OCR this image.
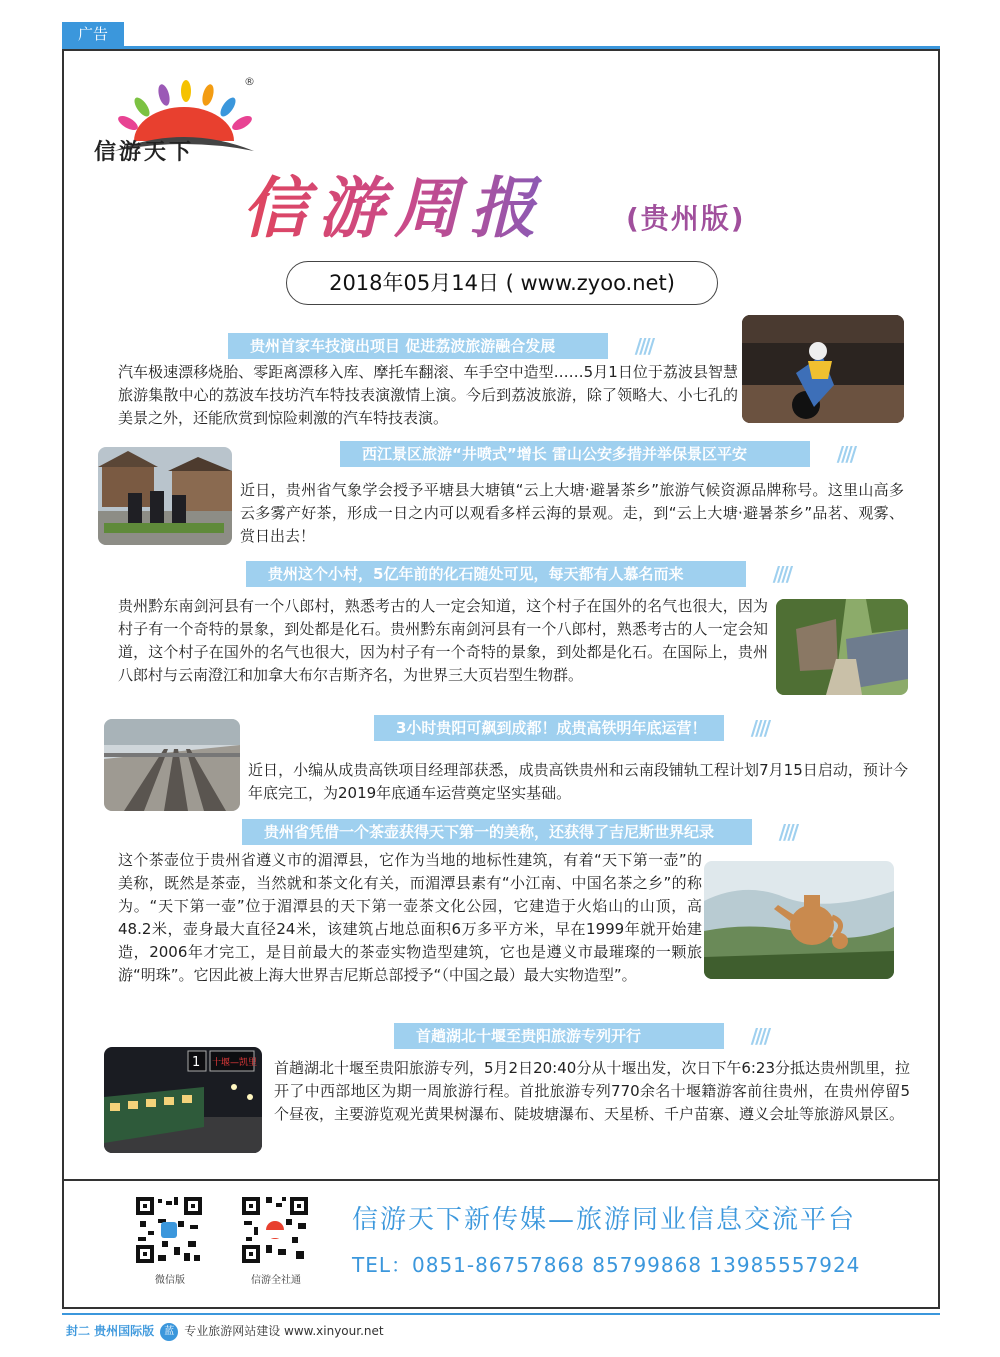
广告
®
信游天下
信游周报	(贵州版)
2018年05月14日 ( www.zyoo.net)
贵州首家车技演出项目 促进荔波旅游融合发展 ////
汽车极速漂移烧胎、零距离漂移入库、摩托车翻滚、车手空中造型……5月1日位于荔波县智慧旅游集散中心的荔波车技坊汽车特技表演激情上演。今后到荔波旅游，除了领略大、小七孔的美景之外，还能欣赏到惊险刺激的汽车特技表演。
西江景区旅游“井喷式”增长 雷山公安多措并举保景区平安 ////
近日，贵州省气象学会授予平塘县大塘镇“云上大塘·避暑茶乡”旅游气候资源品牌称号。这里山高多云多雾产好茶，形成一日之内可以观看多样云海的景观。走，到“云上大塘·避暑茶乡”品茗、观雾、赏日出去！
贵州这个小村，5亿年前的化石随处可见，每天都有人慕名而来 ////
贵州黔东南剑河县有一个八郎村，熟悉考古的人一定会知道，这个村子在国外的名气也很大，因为村子有一个奇特的景象，到处都是化石。贵州黔东南剑河县有一个八郎村，熟悉考古的人一定会知道，这个村子在国外的名气也很大，因为村子有一个奇特的景象，到处都是化石。在国际上，贵州八郎村与云南澄江和加拿大布尔吉斯齐名，为世界三大页岩型生物群。
3小时贵阳可飙到成都！成贵高铁明年底运营！ ////
近日，小编从成贵高铁项目经理部获悉，成贵高铁贵州和云南段铺轨工程计划7月15日启动，预计今年底完工，为2019年底通车运营奠定坚实基础。
贵州省凭借一个茶壶获得天下第一的美称，还获得了吉尼斯世界纪录 ////
这个茶壶位于贵州省遵义市的湄潭县，它作为当地的地标性建筑，有着“天下第一壶”的美称，既然是茶壶，当然就和茶文化有关，而湄潭县素有“小江南、中国名茶之乡”的称为。“天下第一壶”位于湄潭县的天下第一壶茶文化公园，它建造于火焰山的山顶，高48.2米，壶身最大直径24米，该建筑占地总面积6万多平方米，早在1999年就开始建造，2006年才完工，是目前最大的茶壶实物造型建筑，它也是遵义市最璀璨的一颗旅游“明珠”。它因此被上海大世界吉尼斯总部授予“（中国之最）最大实物造型”。
首趟湖北十堰至贵阳旅游专列开行 ////
1 十堰—凯里 首趟湖北十堰至贵阳旅游专列，5月2日20:40分从十堰出发，次日下午6:23分抵达贵州凯里，拉开了中西部地区为期一周旅游行程。首批旅游专列770余名十堰籍游客前往贵州，在贵州停留5个昼夜，主要游览观光黄果树瀑布、陡坡塘瀑布、天星桥、千户苗寨、遵义会址等旅游风景区。
微信版	信游全社通
信游天下新传媒—旅游同业信息交流平台
TEL：0851-86757868 85799868 13985557924
封二 贵州国际版 蓝 专业旅游网站建设 www.xinyour.net
